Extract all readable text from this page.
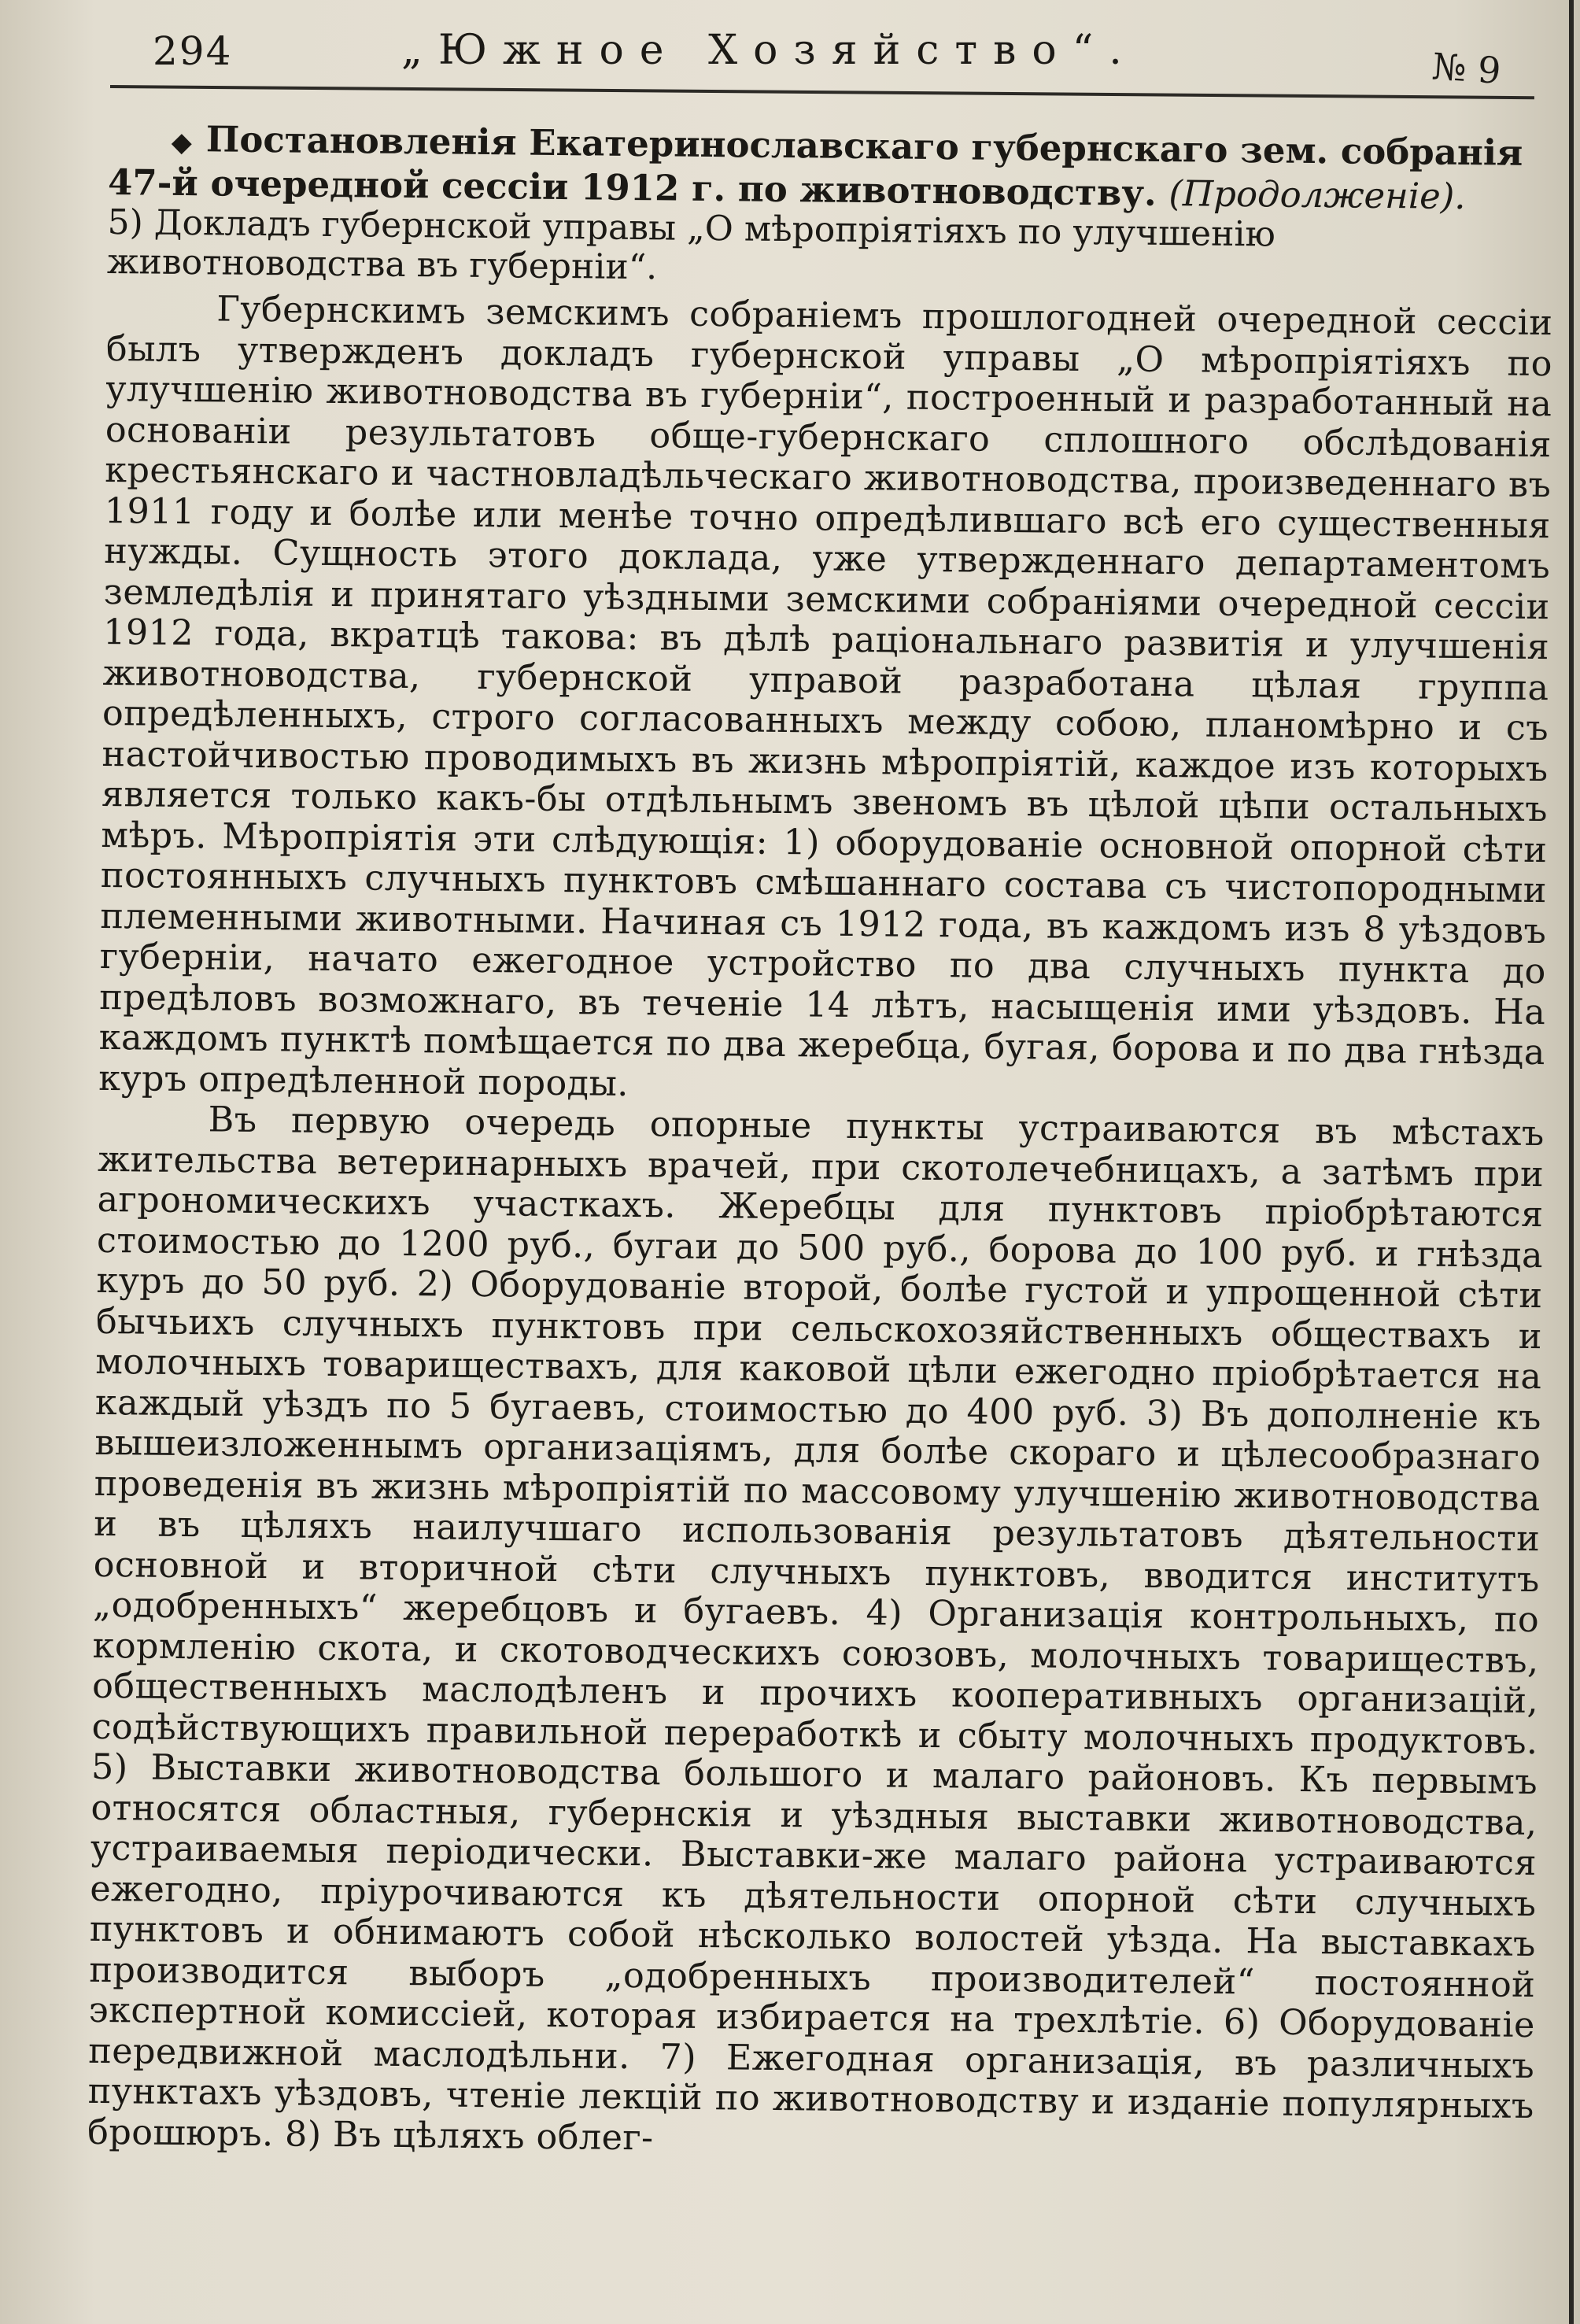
294	„Южное Хозяйство“.	№ 9

◆ Постановленія Екатеринославскаго губернскаго зем. собранія 47-й очередной сессіи 1912 г. по животноводству. (Продолженіе).

5) Докладъ губернской управы „О мѣропріятіяхъ по улучшенію животноводства въ губерніи“.

Губернскимъ земскимъ собраніемъ прошлогодней очередной сессіи былъ утвержденъ докладъ губернской управы „О мѣропріятіяхъ по улучшенію животноводства въ губерніи“, построенный и разработанный на основаніи результатовъ обще-губернскаго сплошного обслѣдованія крестьянскаго и частновладѣльческаго животноводства, произведеннаго въ 1911 году и болѣе или менѣе точно опредѣлившаго всѣ его существенныя нужды. Сущность этого доклада, уже утвержденнаго департаментомъ земледѣлія и принятаго уѣздными земскими собраніями очередной сессіи 1912 года, вкратцѣ такова: въ дѣлѣ раціональнаго развитія и улучшенія животноводства, губернской управой разработана цѣлая группа опредѣленныхъ, строго согласованныхъ между собою, планомѣрно и съ настойчивостью проводимыхъ въ жизнь мѣропріятій, каждое изъ которыхъ является только какъ-бы отдѣльнымъ звеномъ въ цѣлой цѣпи остальныхъ мѣръ. Мѣропріятія эти слѣдующія: 1) оборудованіе основной опорной сѣти постоянныхъ случныхъ пунктовъ смѣшаннаго состава съ чистопородными племенными животными. Начиная съ 1912 года, въ каждомъ изъ 8 уѣздовъ губерніи, начато ежегодное устройство по два случныхъ пункта до предѣловъ возможнаго, въ теченіе 14 лѣтъ, насыщенія ими уѣздовъ. На каждомъ пунктѣ помѣщается по два жеребца, бугая, борова и по два гнѣзда куръ опредѣленной породы.

Въ первую очередь опорные пункты устраиваются въ мѣстахъ жительства ветеринарныхъ врачей, при скотолечебницахъ, а затѣмъ при агрономическихъ участкахъ. Жеребцы для пунктовъ пріобрѣтаются стоимостью до 1200 руб., бугаи до 500 руб., борова до 100 руб. и гнѣзда куръ до 50 руб. 2) Оборудованіе второй, болѣе густой и упрощенной сѣти бычьихъ случныхъ пунктовъ при сельскохозяйственныхъ обществахъ и молочныхъ товариществахъ, для каковой цѣли ежегодно пріобрѣтается на каждый уѣздъ по 5 бугаевъ, стоимостью до 400 руб. 3) Въ дополненіе къ вышеизложеннымъ организаціямъ, для болѣе скораго и цѣлесообразнаго проведенія въ жизнь мѣропріятій по массовому улучшенію животноводства и въ цѣляхъ наилучшаго использованія результатовъ дѣятельности основной и вторичной сѣти случныхъ пунктовъ, вводится институтъ „одобренныхъ“ жеребцовъ и бугаевъ. 4) Организація контрольныхъ, по кормленію скота, и скотоводческихъ союзовъ, молочныхъ товариществъ, общественныхъ маслодѣленъ и прочихъ кооперативныхъ организацій, содѣйствующихъ правильной переработкѣ и сбыту молочныхъ продуктовъ. 5) Выставки животноводства большого и малаго районовъ. Къ первымъ относятся областныя, губернскія и уѣздныя выставки животноводства, устраиваемыя періодически. Выставки-же малаго района устраиваются ежегодно, пріурочиваются къ дѣятельности опорной сѣти случныхъ пунктовъ и обнимаютъ собой нѣсколько волостей уѣзда. На выставкахъ производится выборъ „одобренныхъ производителей“ постоянной экспертной комиссіей, которая избирается на трехлѣтіе. 6) Оборудованіе передвижной маслодѣльни. 7) Ежегодная организація, въ различныхъ пунктахъ уѣздовъ, чтеніе лекцій по животноводству и изданіе популярныхъ брошюръ. 8) Въ цѣляхъ облег-
